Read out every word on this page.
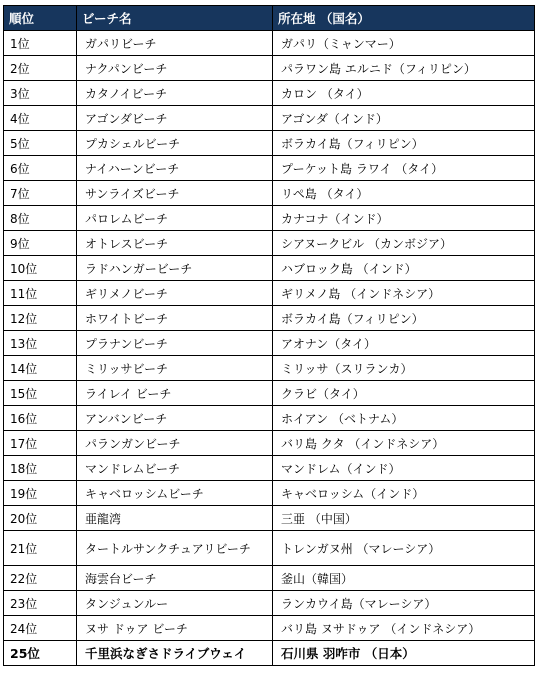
順位	ビーチ名	所在地 （国名）
1位	ガパリビーチ	ガパリ（ミャンマー）
2位	ナクパンビーチ	パラワン島 エルニド（フィリピン）
3位	カタノイビーチ	カロン （タイ）
4位	アゴンダビーチ	アゴンダ（インド）
5位	プカシェルビーチ	ボラカイ島（フィリピン）
6位	ナイハーンビーチ	プーケット島 ラワイ （タイ）
7位	サンライズビーチ	リペ島 （タイ）
8位	パロレムビーチ	カナコナ（インド）
9位	オトレスビーチ	シアヌークビル （カンボジア）
10位	ラドハンガービーチ	ハブロック島 （インド）
11位	ギリメノビーチ	ギリメノ島 （インドネシア）
12位	ホワイトビーチ	ボラカイ島（フィリピン）
13位	プラナンビーチ	アオナン（タイ）
14位	ミリッサビーチ	ミリッサ（スリランカ）
15位	ライレイ ビーチ	クラビ（タイ）
16位	アンバンビーチ	ホイアン （ベトナム）
17位	パランガンビーチ	バリ島 クタ （インドネシア）
18位	マンドレムビーチ	マンドレム（インド）
19位	キャベロッシムビーチ	キャベロッシム（インド）
20位	亜龍湾	三亜 （中国）
21位	タートルサンクチュアリビーチ	トレンガヌ州 （マレーシア）
22位	海雲台ビーチ	釜山（韓国）
23位	タンジュンルー	ランカウイ島（マレーシア）
24位	ヌサ ドゥア ビーチ	バリ島 ヌサドゥア （インドネシア）
25位	千里浜なぎさドライブウェイ	石川県 羽咋市 （日本）
